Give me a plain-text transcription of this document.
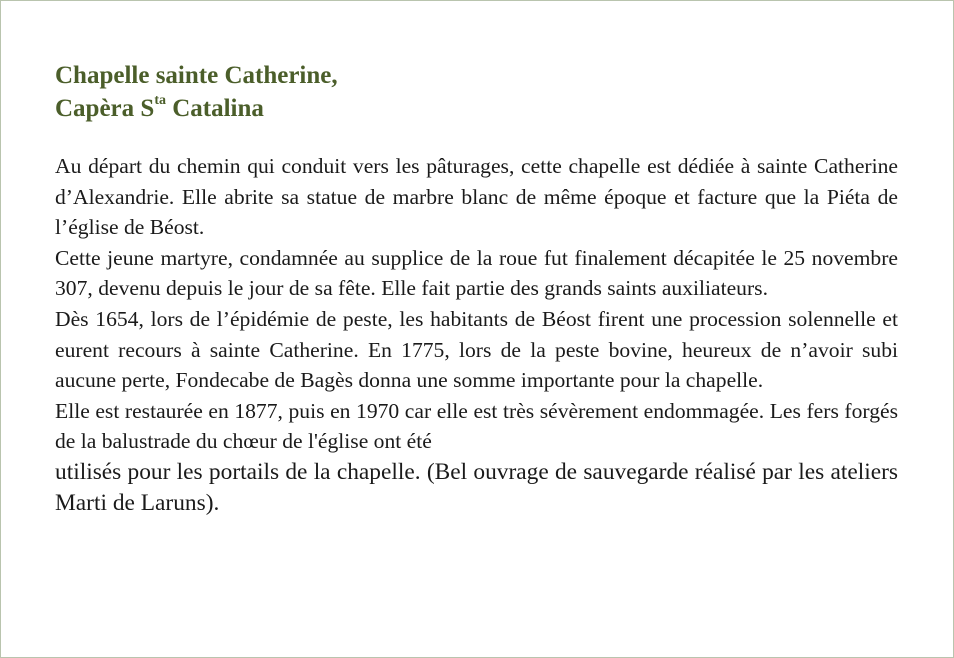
Chapelle sainte Catherine,
Capèra $S^{ta}$ Catalina

Au départ du chemin qui conduit vers les pâturages, cette chapelle est dédiée à sainte Catherine d’Alexandrie. Elle abrite sa statue de marbre blanc de même époque et facture que la Piéta de l’église de Béost.

Cette jeune martyre, condamnée au supplice de la roue fut finalement décapitée le 25 novembre 307, devenu depuis le jour de sa fête. Elle fait partie des grands saints auxiliateurs.

Dès 1654, lors de l’épidémie de peste, les habitants de Béost firent une procession solennelle et eurent recours à sainte Catherine. En 1775, lors de la peste bovine, heureux de n’avoir subi aucune perte, Fondecabe de Bagès donna une somme importante pour la chapelle.

Elle est restaurée en 1877, puis en 1970 car elle est très sévèrement endommagée. Les fers forgés de la balustrade du chœur de l'église ont été

utilisés pour les portails de la chapelle. (Bel ouvrage de sauvegarde réalisé par les ateliers Marti de Laruns).
